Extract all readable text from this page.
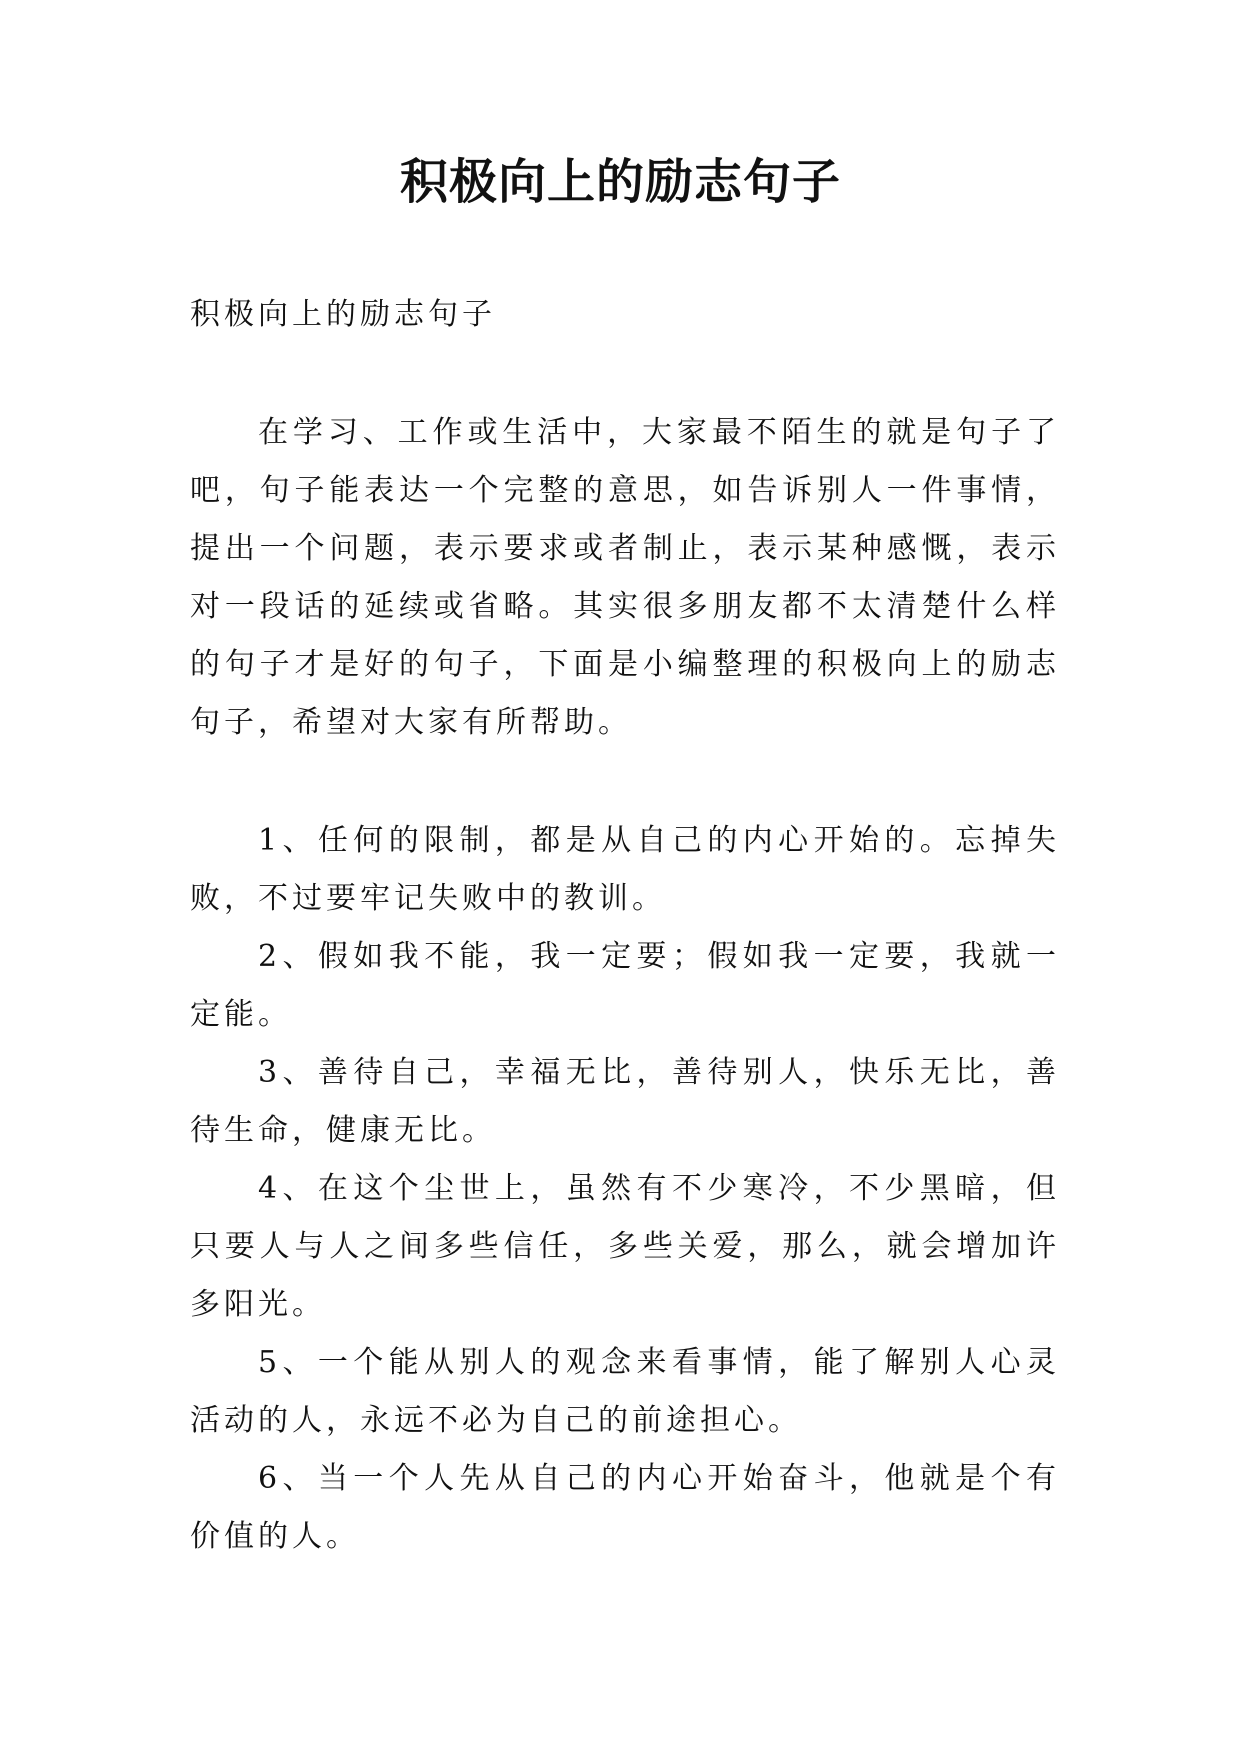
积极向上的励志句子

积极向上的励志句子

在学习、工作或生活中，大家最不陌生的就是句子了吧，句子能表达一个完整的意思，如告诉别人一件事情，提出一个问题，表示要求或者制止，表示某种感慨，表示对一段话的延续或省略。其实很多朋友都不太清楚什么样的句子才是好的句子，下面是小编整理的积极向上的励志句子，希望对大家有所帮助。

1、任何的限制，都是从自己的内心开始的。忘掉失败，不过要牢记失败中的教训。

2、假如我不能，我一定要；假如我一定要，我就一定能。

3、善待自己，幸福无比，善待别人，快乐无比，善待生命，健康无比。

4、在这个尘世上，虽然有不少寒冷，不少黑暗，但只要人与人之间多些信任，多些关爱，那么，就会增加许多阳光。

5、一个能从别人的观念来看事情，能了解别人心灵活动的人，永远不必为自己的前途担心。

6、当一个人先从自己的内心开始奋斗，他就是个有价值的人。
